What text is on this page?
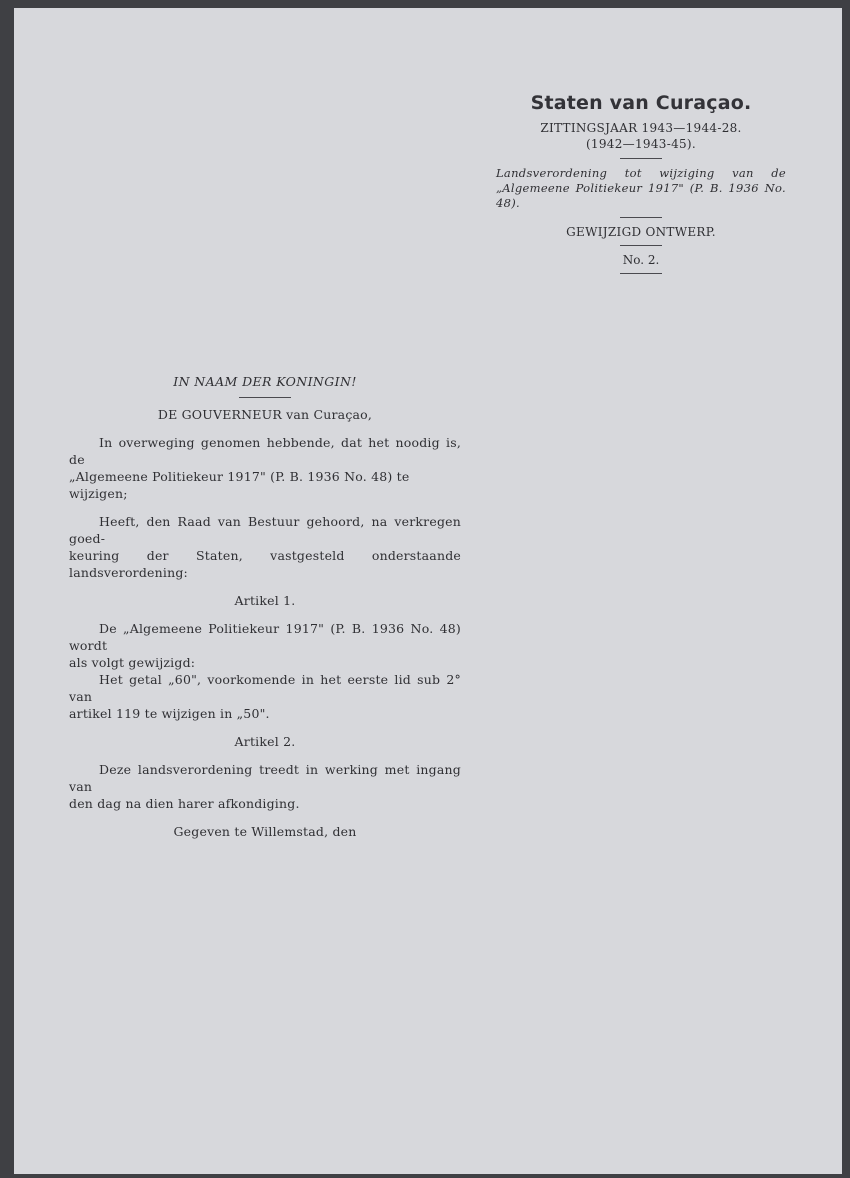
Staten van Curaçao.
ZITTINGSJAAR 1943—1944-28.
(1942—1943-45).
Landsverordening tot wijziging van de „Algemeene Politiekeur 1917" (P. B. 1936 No. 48).
GEWIJZIGD ONTWERP.
No. 2.
IN NAAM DER KONINGIN!
DE GOUVERNEUR van Curaçao,
In overweging genomen hebbende, dat het noodig is, de
„Algemeene Politiekeur 1917" (P. B. 1936 No. 48) te wijzigen;
Heeft, den Raad van Bestuur gehoord, na verkregen goed-
keuring der Staten, vastgesteld onderstaande landsverordening:
Artikel 1.
De „Algemeene Politiekeur 1917" (P. B. 1936 No. 48) wordt
als volgt gewijzigd:
Het getal „60", voorkomende in het eerste lid sub 2° van
artikel 119 te wijzigen in „50".
Artikel 2.
Deze landsverordening treedt in werking met ingang van
den dag na dien harer afkondiging.
Gegeven te Willemstad, den
